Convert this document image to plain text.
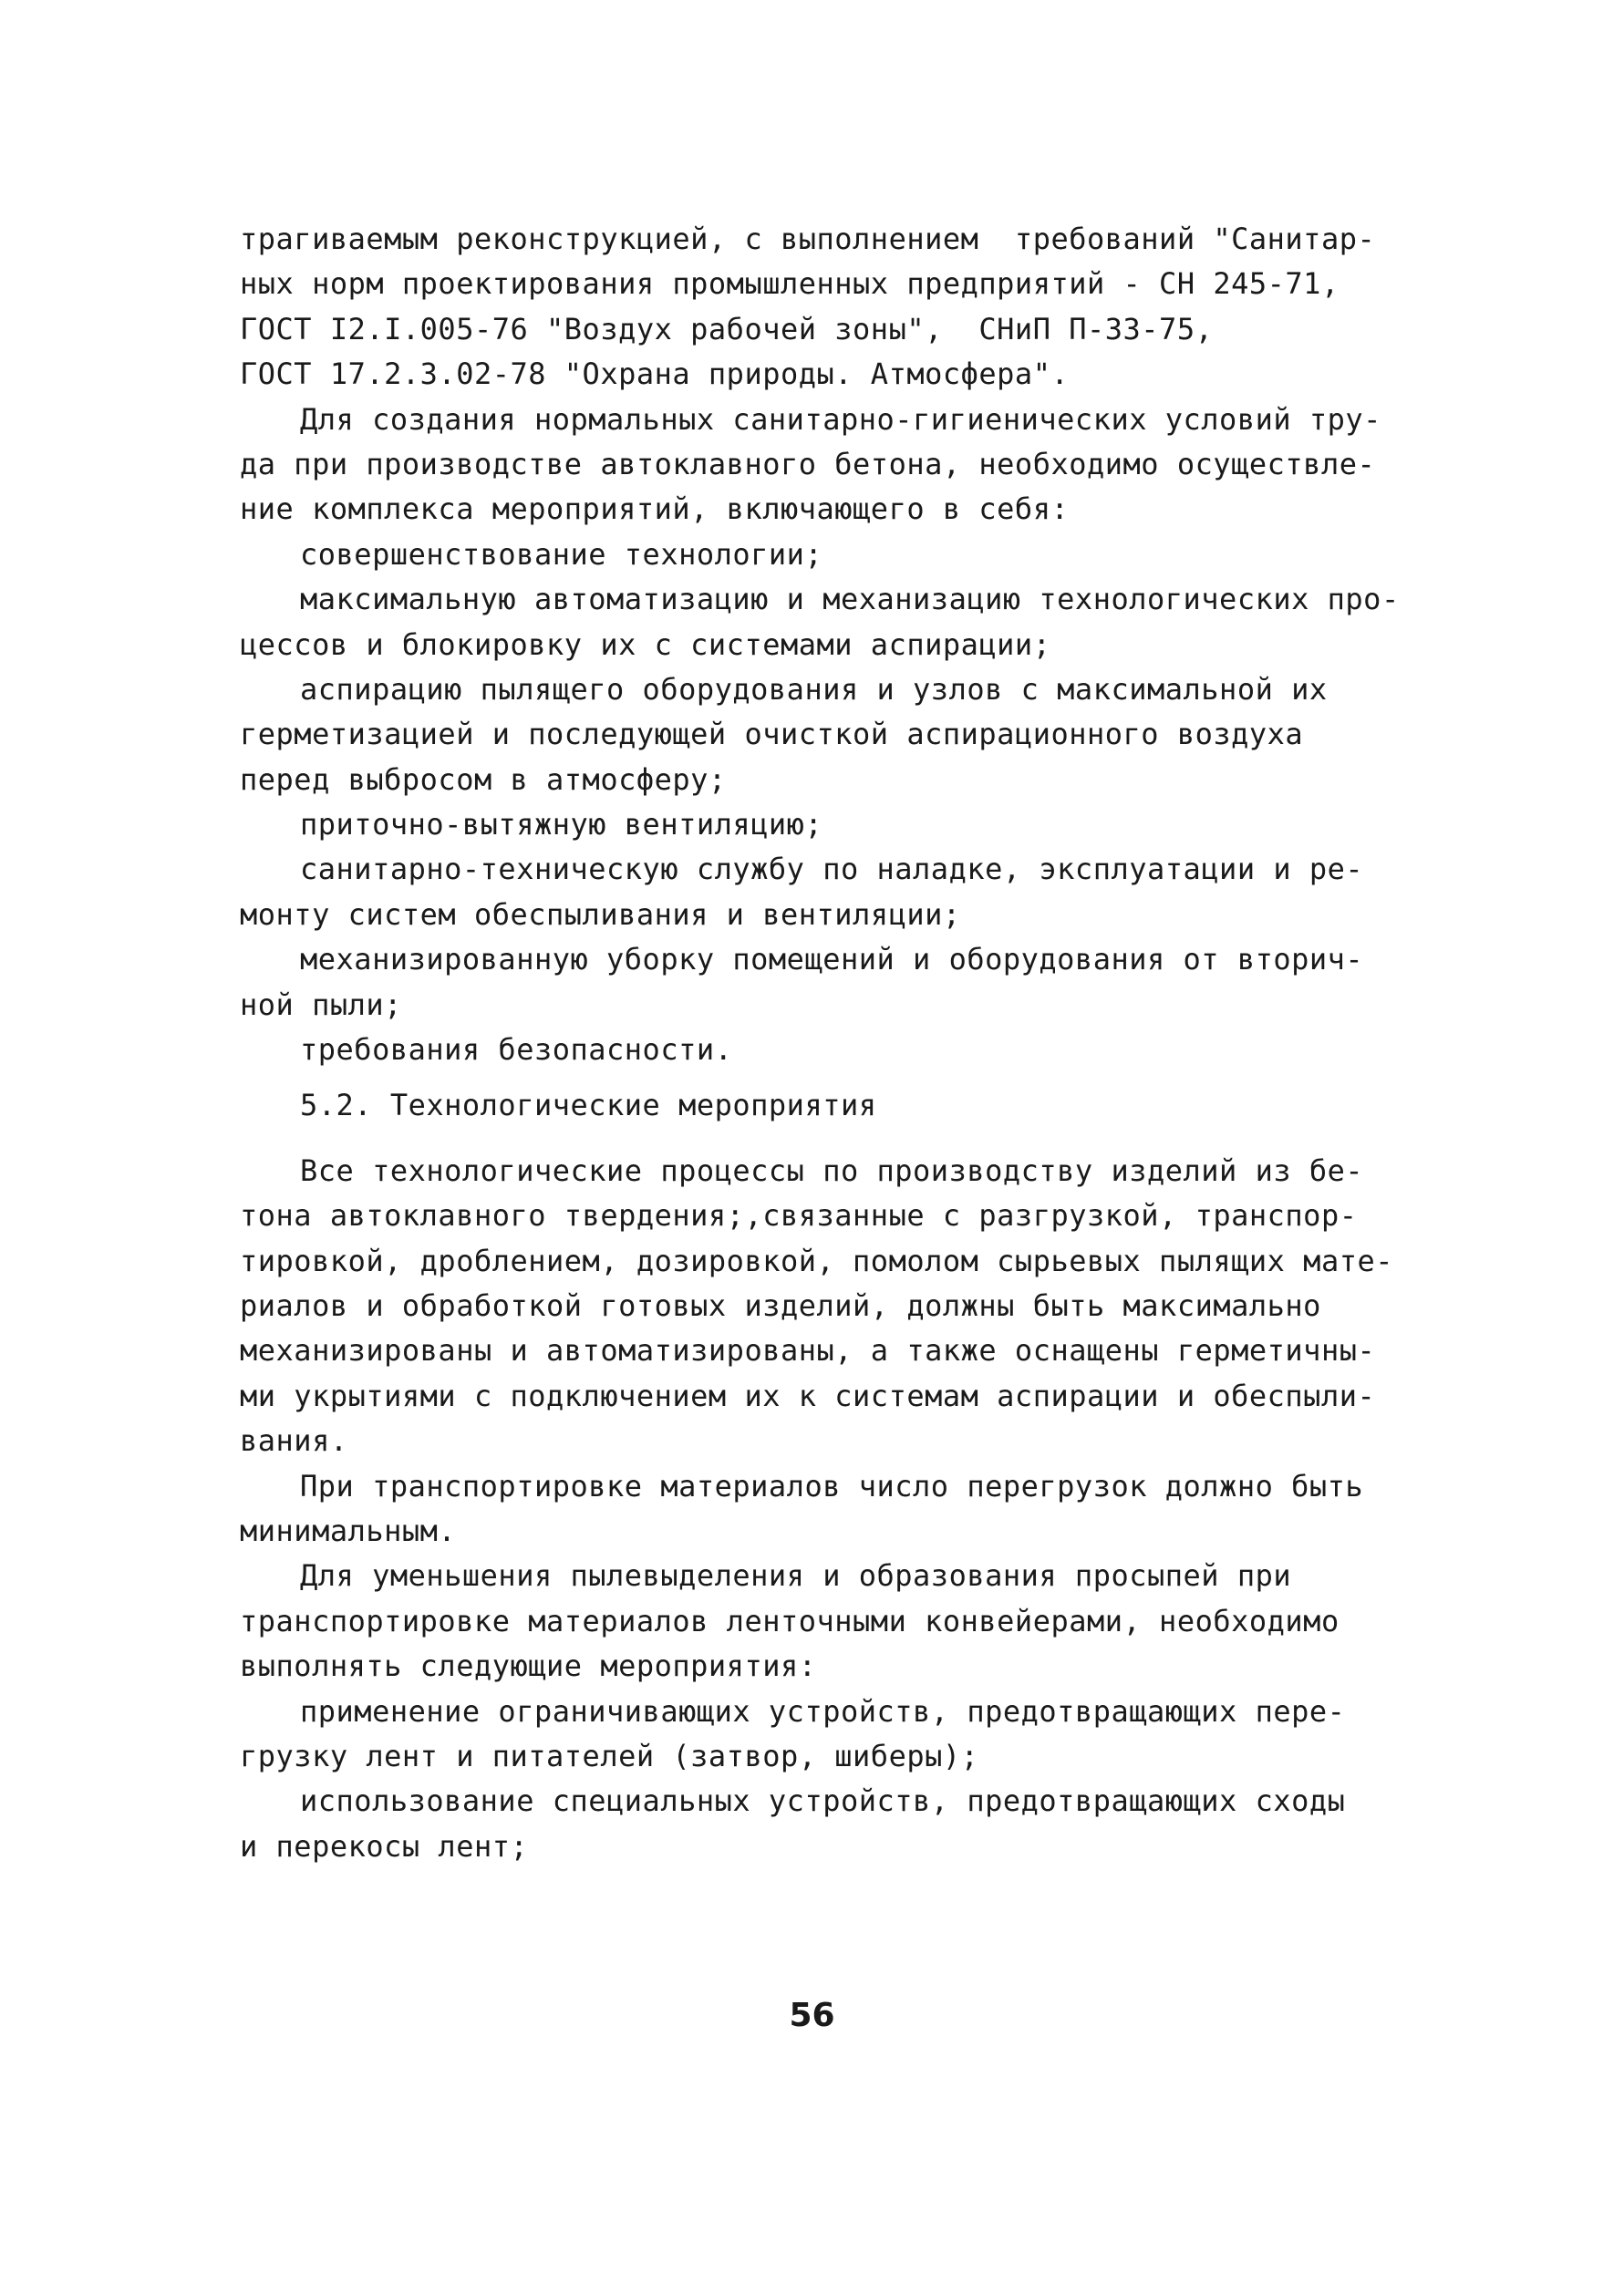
трагиваемым реконструкцией, с выполнением  требований "Санитар-
ных норм проектирования промышленных предприятий - СН 245-71,
ГОСТ I2.I.005-76 "Воздух рабочей зоны",  СНиП П-33-75,
ГОСТ 17.2.3.02-78 "Охрана природы. Атмосфера".
Для создания нормальных санитарно-гигиенических условий тру-
да при производстве автоклавного бетона, необходимо осуществле-
ние комплекса мероприятий, включающего в себя:
совершенствование технологии;
максимальную автоматизацию и механизацию технологических про-
цессов и блокировку их с системами аспирации;
аспирацию пылящего оборудования и узлов с максимальной их
герметизацией и последующей очисткой аспирационного воздуха
перед выбросом в атмосферу;
приточно-вытяжную вентиляцию;
санитарно-техническую службу по наладке, эксплуатации и ре-
монту систем обеспыливания и вентиляции;
механизированную уборку помещений и оборудования от вторич-
ной пыли;
требования безопасности.
5.2. Технологические мероприятия
Все технологические процессы по производству изделий из бе-
тона автоклавного твердения;,связанные с разгрузкой, транспор-
тировкой, дроблением, дозировкой, помолом сырьевых пылящих мате-
риалов и обработкой готовых изделий, должны быть максимально
механизированы и автоматизированы, а также оснащены герметичны-
ми укрытиями с подключением их к системам аспирации и обеспыли-
вания.
При транспортировке материалов число перегрузок должно быть
минимальным.
Для уменьшения пылевыделения и образования просыпей при
транспортировке материалов ленточными конвейерами, необходимо
выполнять следующие мероприятия:
применение ограничивающих устройств, предотвращающих пере-
грузку лент и питателей (затвор, шиберы);
использование специальных устройств, предотвращающих сходы
и перекосы лент;
56
